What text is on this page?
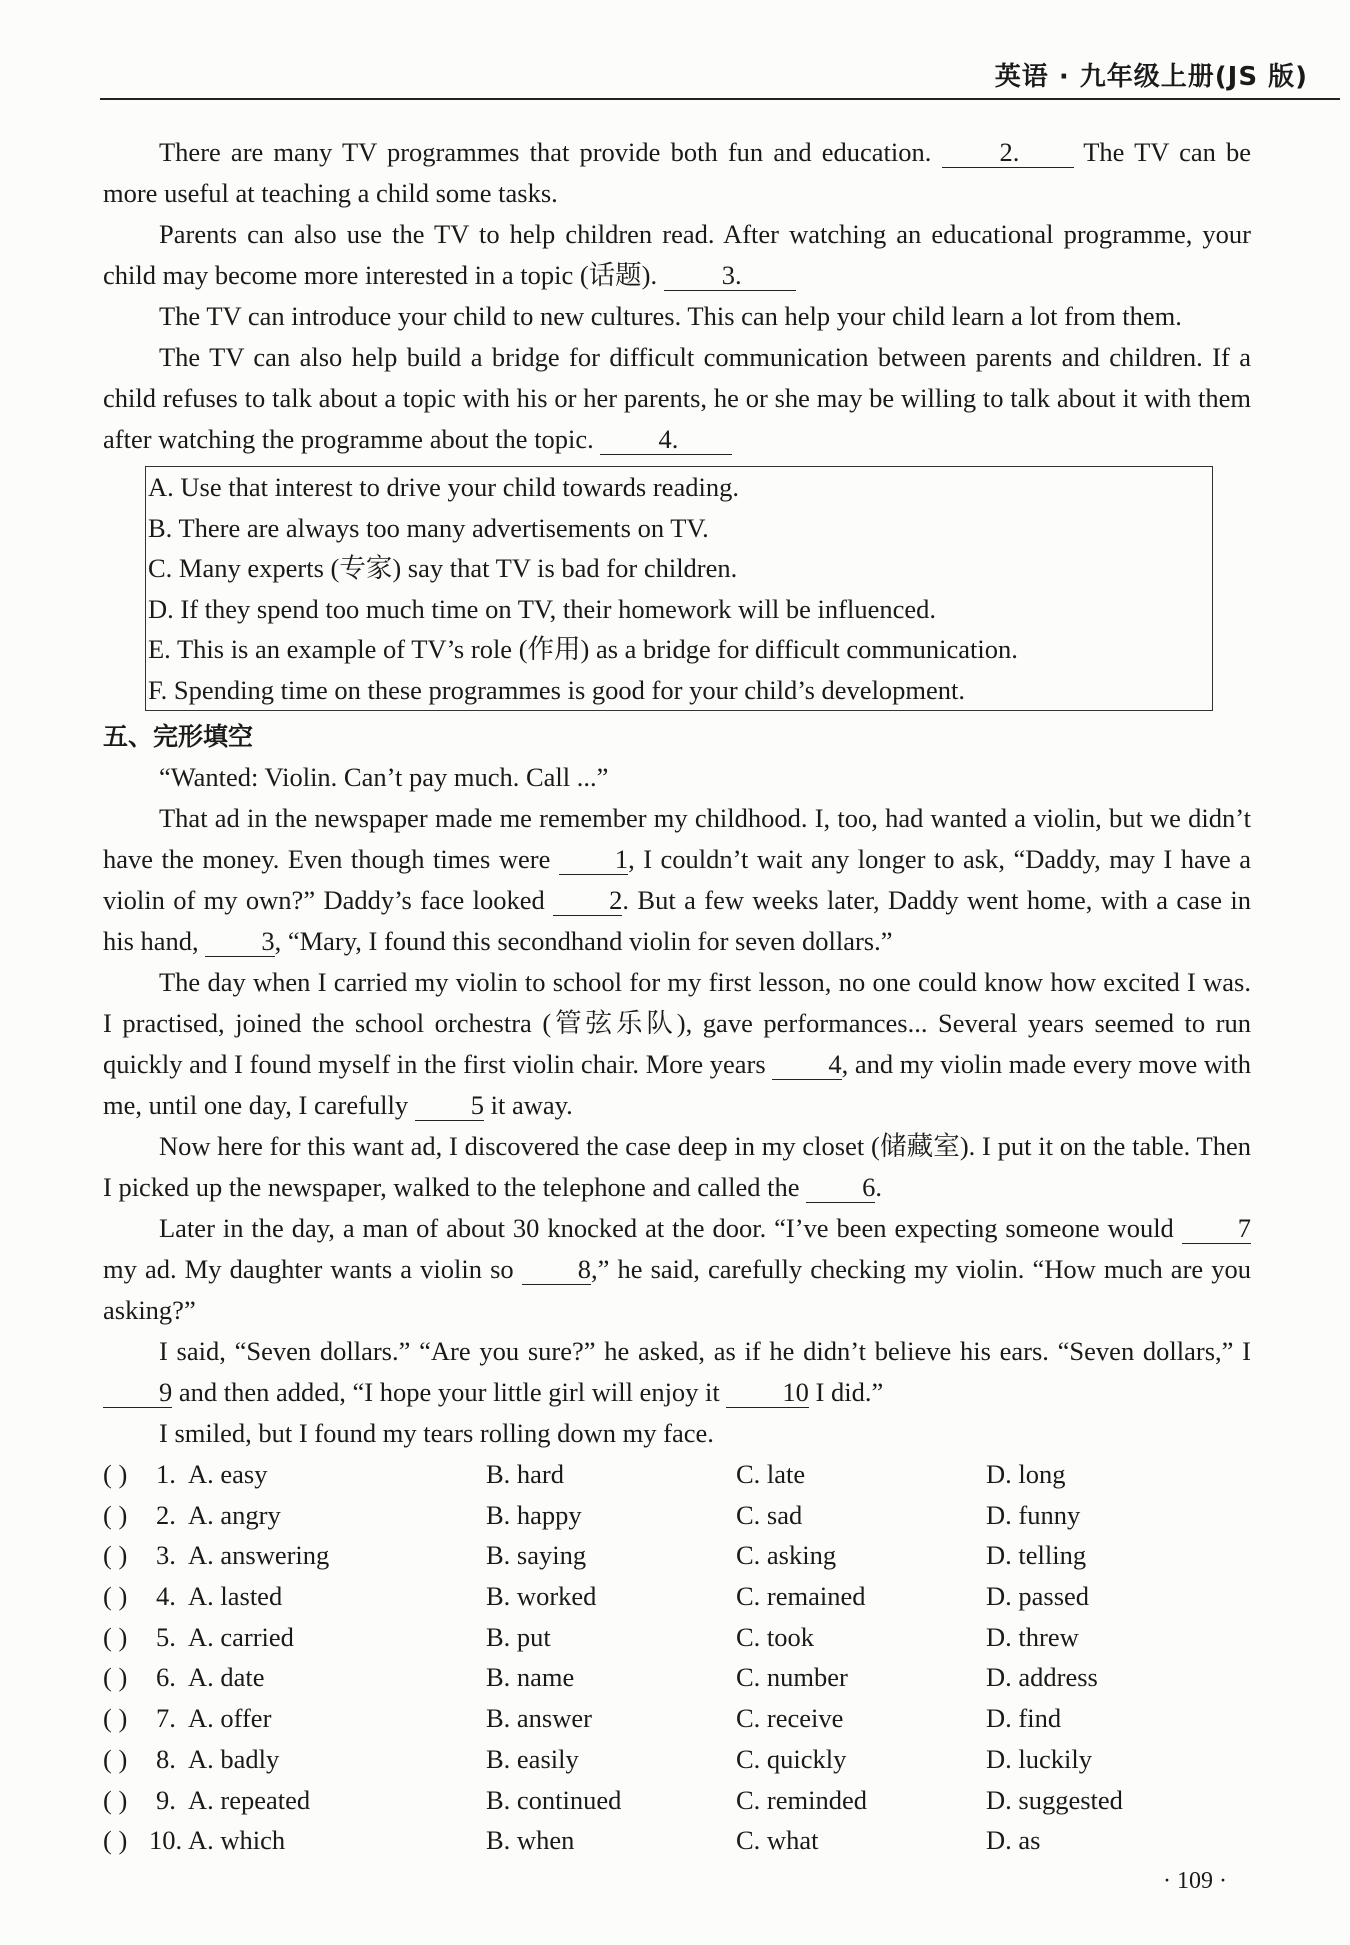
英语 · 九年级上册(JS 版)

There are many TV programmes that provide both fun and education. 2. The TV can be more useful at teaching a child some tasks.

Parents can also use the TV to help children read. After watching an educational programme, your child may become more interested in a topic (话题). 3.

The TV can introduce your child to new cultures. This can help your child learn a lot from them.

The TV can also help build a bridge for difficult communication between parents and children. If a child refuses to talk about a topic with his or her parents, he or she may be willing to talk about it with them after watching the programme about the topic. 4.

A. Use that interest to drive your child towards reading.

B. There are always too many advertisements on TV.

C. Many experts (专家) say that TV is bad for children.

D. If they spend too much time on TV, their homework will be influenced.

E. This is an example of TV’s role (作用) as a bridge for difficult communication.

F. Spending time on these programmes is good for your child’s development.

五、完形填空

“Wanted: Violin. Can’t pay much. Call ...”

That ad in the newspaper made me remember my childhood. I, too, had wanted a violin, but we didn’t have the money. Even though times were 1, I couldn’t wait any longer to ask, “Daddy, may I have a violin of my own?” Daddy’s face looked 2. But a few weeks later, Daddy went home, with a case in his hand, 3, “Mary, I found this secondhand violin for seven dollars.”

The day when I carried my violin to school for my first lesson, no one could know how excited I was. I practised, joined the school orchestra (管弦乐队), gave performances... Several years seemed to run quickly and I found myself in the first violin chair. More years 4, and my violin made every move with me, until one day, I carefully 5 it away.

Now here for this want ad, I discovered the case deep in my closet (储藏室). I put it on the table. Then I picked up the newspaper, walked to the telephone and called the 6.

Later in the day, a man of about 30 knocked at the door. “I’ve been expecting someone would 7 my ad. My daughter wants a violin so 8,” he said, carefully checking my violin. “How much are you asking?”

I said, “Seven dollars.” “Are you sure?” he asked, as if he didn’t believe his ears. “Seven dollars,” I 9 and then added, “I hope your little girl will enjoy it 10 I did.”

I smiled, but I found my tears rolling down my face.

( ) 1. A. easy	B. hard	C. late	D. long
( ) 2. A. angry	B. happy	C. sad	D. funny
( ) 3. A. answering	B. saying	C. asking	D. telling
( ) 4. A. lasted	B. worked	C. remained	D. passed
( ) 5. A. carried	B. put	C. took	D. threw
( ) 6. A. date	B. name	C. number	D. address
( ) 7. A. offer	B. answer	C. receive	D. find
( ) 8. A. badly	B. easily	C. quickly	D. luckily
( ) 9. A. repeated	B. continued	C. reminded	D. suggested
( ) 10. A. which	B. when	C. what	D. as
· 109 ·
